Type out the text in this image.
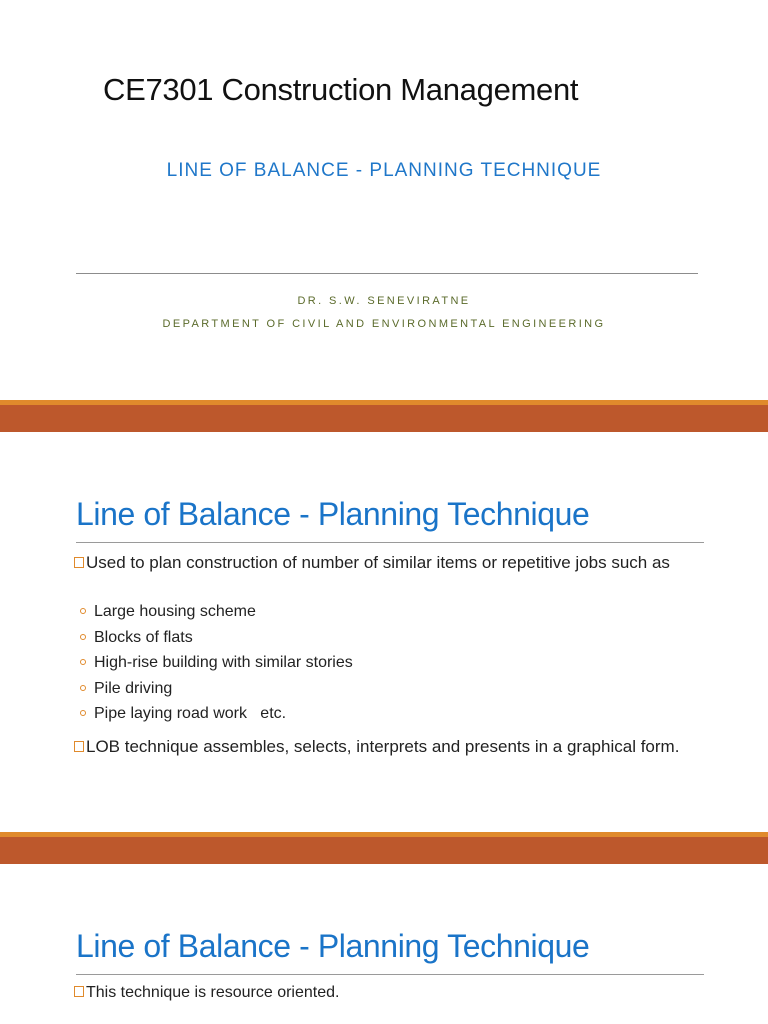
CE7301 Construction Management
LINE OF BALANCE - PLANNING TECHNIQUE
DR. S.W. SENEVIRATNE
DEPARTMENT OF CIVIL AND ENVIRONMENTAL ENGINEERING
Line of Balance - Planning Technique
Used to plan construction of number of similar items or repetitive jobs such as
Large housing scheme
Blocks of flats
High-rise building with similar stories
Pile driving
Pipe laying road work   etc.
LOB technique assembles, selects, interprets and presents in a graphical form.
Line of Balance - Planning Technique
This technique is resource oriented.
